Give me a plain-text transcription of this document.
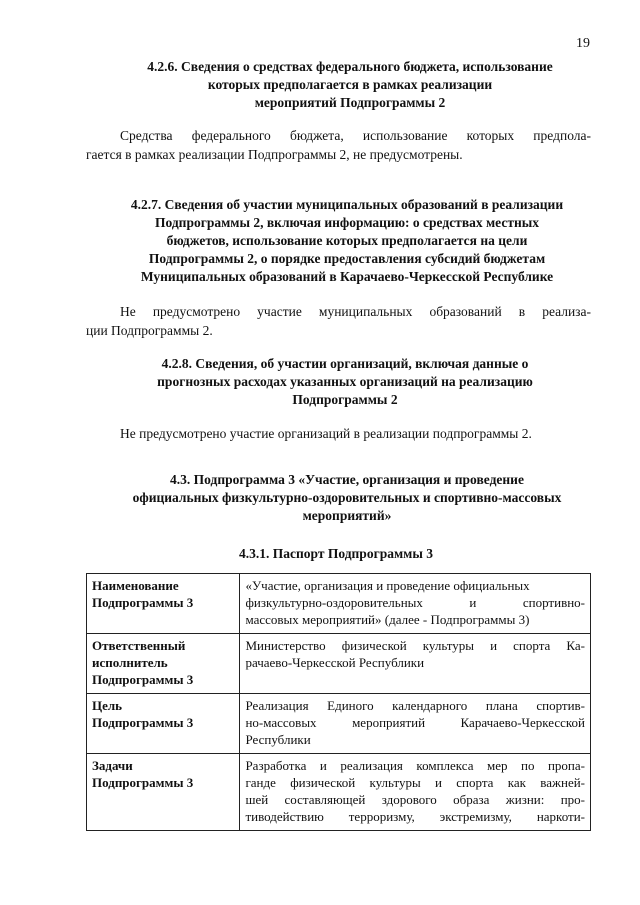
19
4.2.6. Сведения о средствах федерального бюджета, использование
которых предполагается в рамках реализации
мероприятий Подпрограммы 2
Средства федерального бюджета, использование которых предпола-
гается в рамках реализации Подпрограммы 2, не предусмотрены.
4.2.7. Сведения об участии муниципальных образований в реализации
Подпрограммы 2, включая информацию: о средствах местных
бюджетов, использование которых предполагается на цели
Подпрограммы 2, о порядке предоставления субсидий бюджетам
Муниципальных образований в Карачаево-Черкесской Республике
Не предусмотрено участие муниципальных образований в реализа-
ции Подпрограммы 2.
4.2.8. Сведения, об участии организаций, включая данные о
прогнозных расходах указанных организаций на реализацию
Подпрограммы 2
Не предусмотрено участие организаций в реализации подпрограммы 2.
4.3. Подпрограмма 3 «Участие, организация и проведение
официальных физкультурно-оздоровительных и спортивно-массовых
мероприятий»
4.3.1. Паспорт Подпрограммы 3
Наименование
Подпрограммы 3	«Участие, организация и проведение официальных
физкультурно-оздоровительных и спортивно-
массовых мероприятий» (далее - Подпрограммы 3)

Ответственный
исполнитель
Подпрограммы 3	Министерство физической культуры и спорта Ка-
рачаево-Черкесской Республики

Цель
Подпрограммы 3	Реализация Единого календарного плана спортив-
но-массовых мероприятий Карачаево-Черкесской
Республики

Задачи
Подпрограммы 3	Разработка и реализация комплекса мер по пропа-
ганде физической культуры и спорта как важней-
шей составляющей здорового образа жизни: про-
тиводействию терроризму, экстремизму, наркоти-
